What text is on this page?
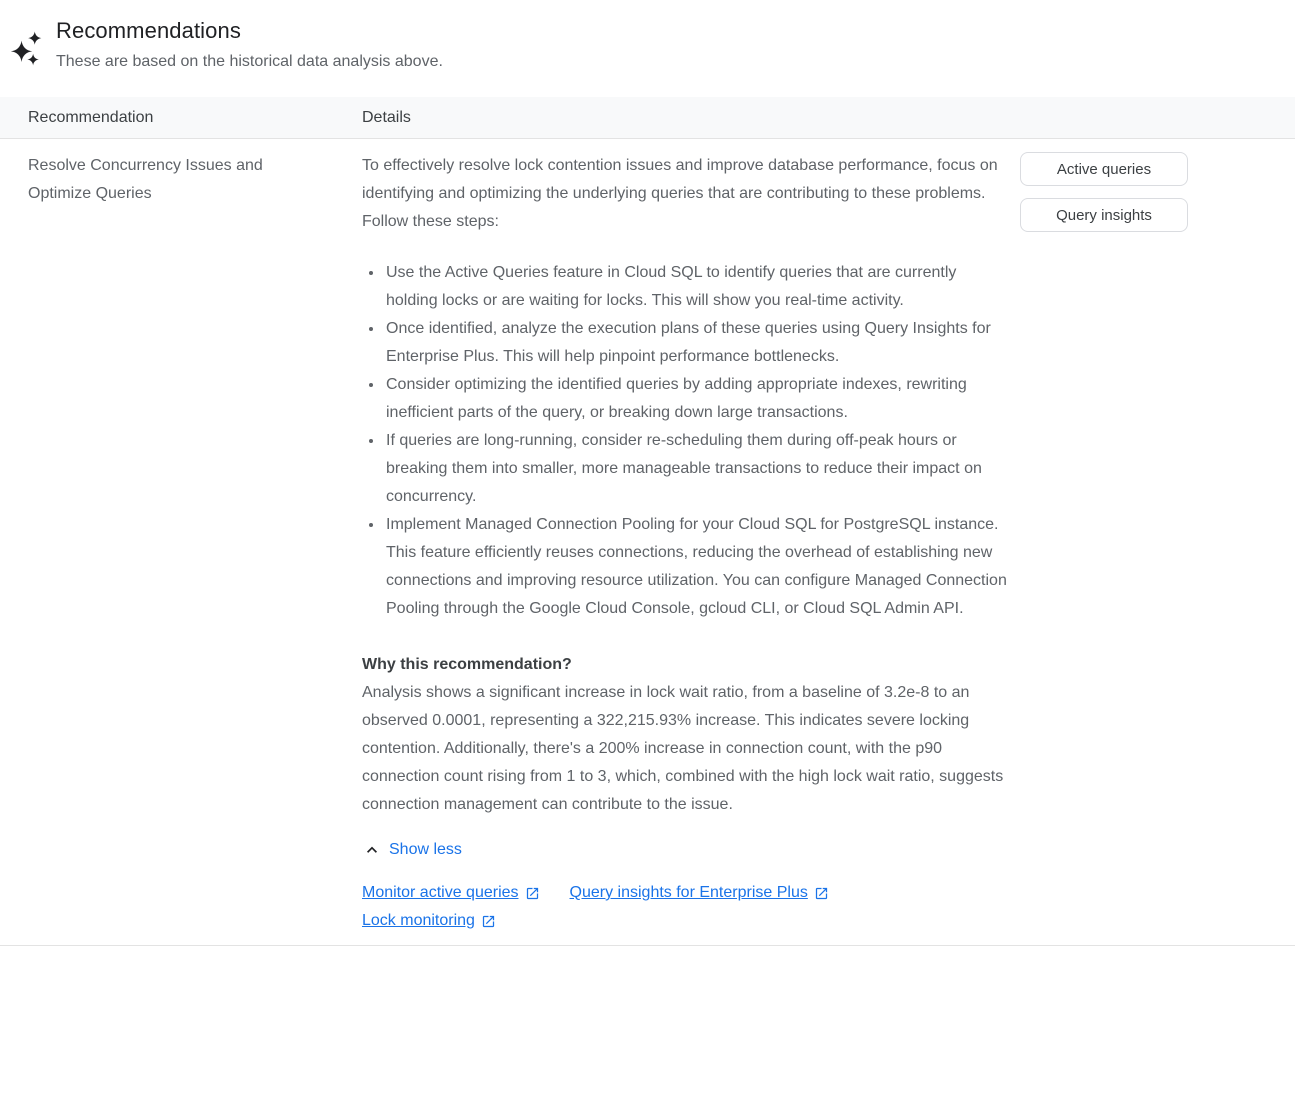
Recommendations

These are based on the historical data analysis above.

Recommendation	Details
Resolve Concurrency Issues and Optimize Queries

To effectively resolve lock contention issues and improve database performance, focus on identifying and optimizing the underlying queries that are contributing to these problems. Follow these steps:

• Use the Active Queries feature in Cloud SQL to identify queries that are currently holding locks or are waiting for locks. This will show you real-time activity.
• Once identified, analyze the execution plans of these queries using Query Insights for Enterprise Plus. This will help pinpoint performance bottlenecks.
• Consider optimizing the identified queries by adding appropriate indexes, rewriting inefficient parts of the query, or breaking down large transactions.
• If queries are long-running, consider re-scheduling them during off-peak hours or breaking them into smaller, more manageable transactions to reduce their impact on concurrency.
• Implement Managed Connection Pooling for your Cloud SQL for PostgreSQL instance. This feature efficiently reuses connections, reducing the overhead of establishing new connections and improving resource utilization. You can configure Managed Connection Pooling through the Google Cloud Console, gcloud CLI, or Cloud SQL Admin API.

Why this recommendation?

Analysis shows a significant increase in lock wait ratio, from a baseline of 3.2e-8 to an observed 0.0001, representing a 322,215.93% increase. This indicates severe locking contention. Additionally, there's a 200% increase in connection count, with the p90 connection count rising from 1 to 3, which, combined with the high lock wait ratio, suggests connection management can contribute to the issue.

Show less
Monitor active queries	Query insights for Enterprise Plus
Lock monitoring
Active queries
Query insights
